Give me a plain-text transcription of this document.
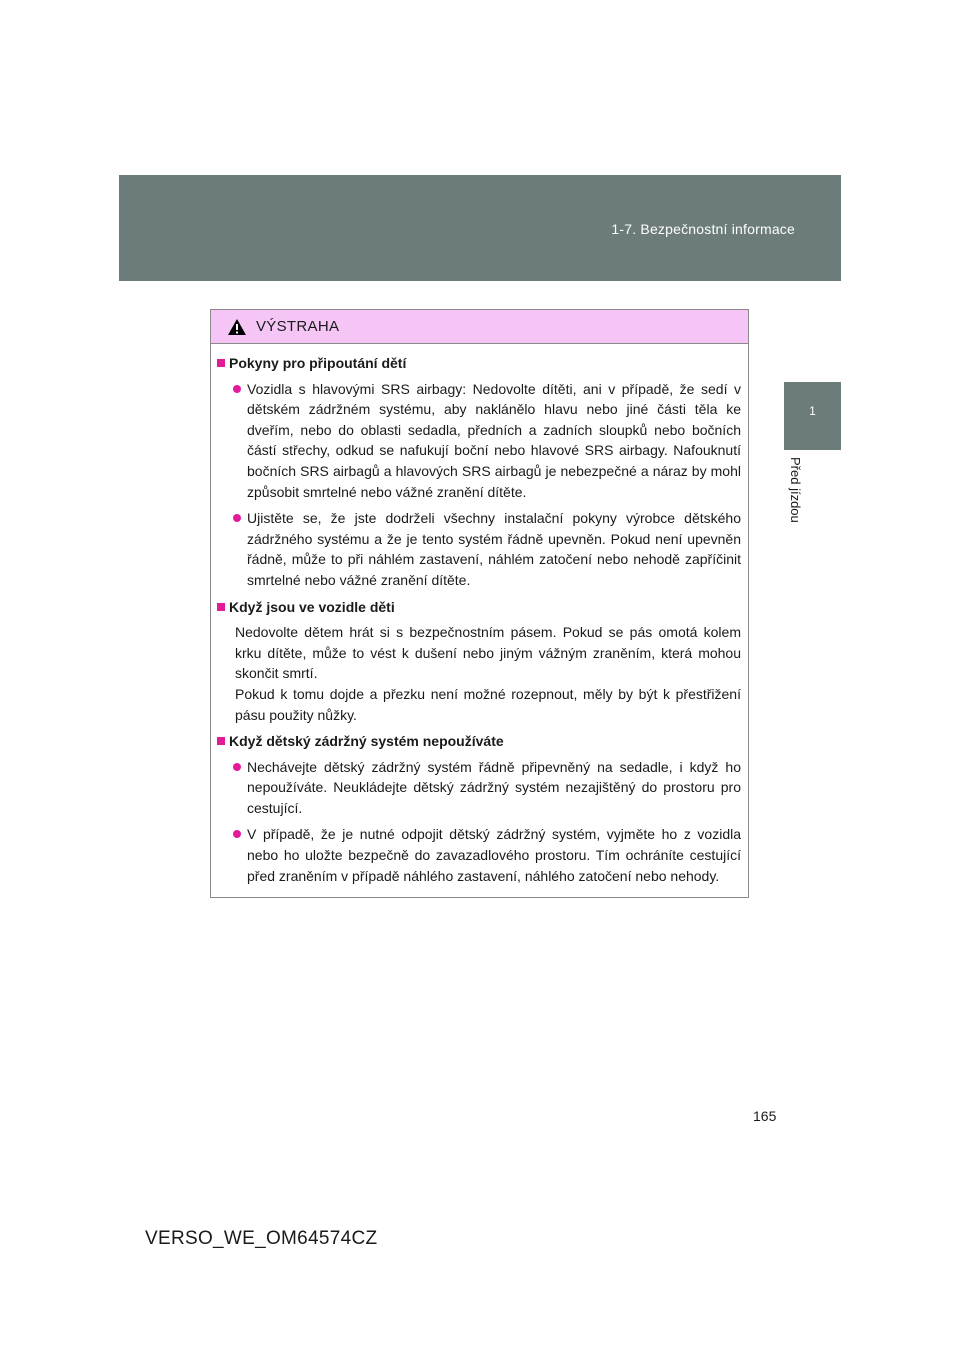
1-7. Bezpečnostní informace
1
Před jízdou
VÝSTRAHA
Pokyny pro připoutání dětí
Vozidla s hlavovými SRS airbagy: Nedovolte dítěti, ani v případě, že sedí v dětském zádržném systému, aby naklánělo hlavu nebo jiné části těla ke dveřím, nebo do oblasti sedadla, předních a zadních sloupků nebo bočních částí střechy, odkud se nafukují boční nebo hlavové SRS airbagy. Nafouknutí bočních SRS airbagů a hlavových SRS airbagů je nebezpečné a náraz by mohl způsobit smrtelné nebo vážné zranění dítěte.
Ujistěte se, že jste dodrželi všechny instalační pokyny výrobce dětského zádržného systému a že je tento systém řádně upevněn. Pokud není upevněn řádně, může to při náhlém zastavení, náhlém zatočení nebo nehodě zapříčinit smrtelné nebo vážné zranění dítěte.
Když jsou ve vozidle děti
Nedovolte dětem hrát si s bezpečnostním pásem. Pokud se pás omotá kolem krku dítěte, může to vést k dušení nebo jiným vážným zraněním, která mohou skončit smrtí.
Pokud k tomu dojde a přezku není možné rozepnout, měly by být k přestřižení pásu použity nůžky.
Když dětský zádržný systém nepoužíváte
Nechávejte dětský zádržný systém řádně připevněný na sedadle, i když ho nepoužíváte. Neukládejte dětský zádržný systém nezajištěný do prostoru pro cestující.
V případě, že je nutné odpojit dětský zádržný systém, vyjměte ho z vozidla nebo ho uložte bezpečně do zavazadlového prostoru. Tím ochráníte cestující před zraněním v případě náhlého zastavení, náhlého zatočení nebo nehody.
165
VERSO_WE_OM64574CZ
